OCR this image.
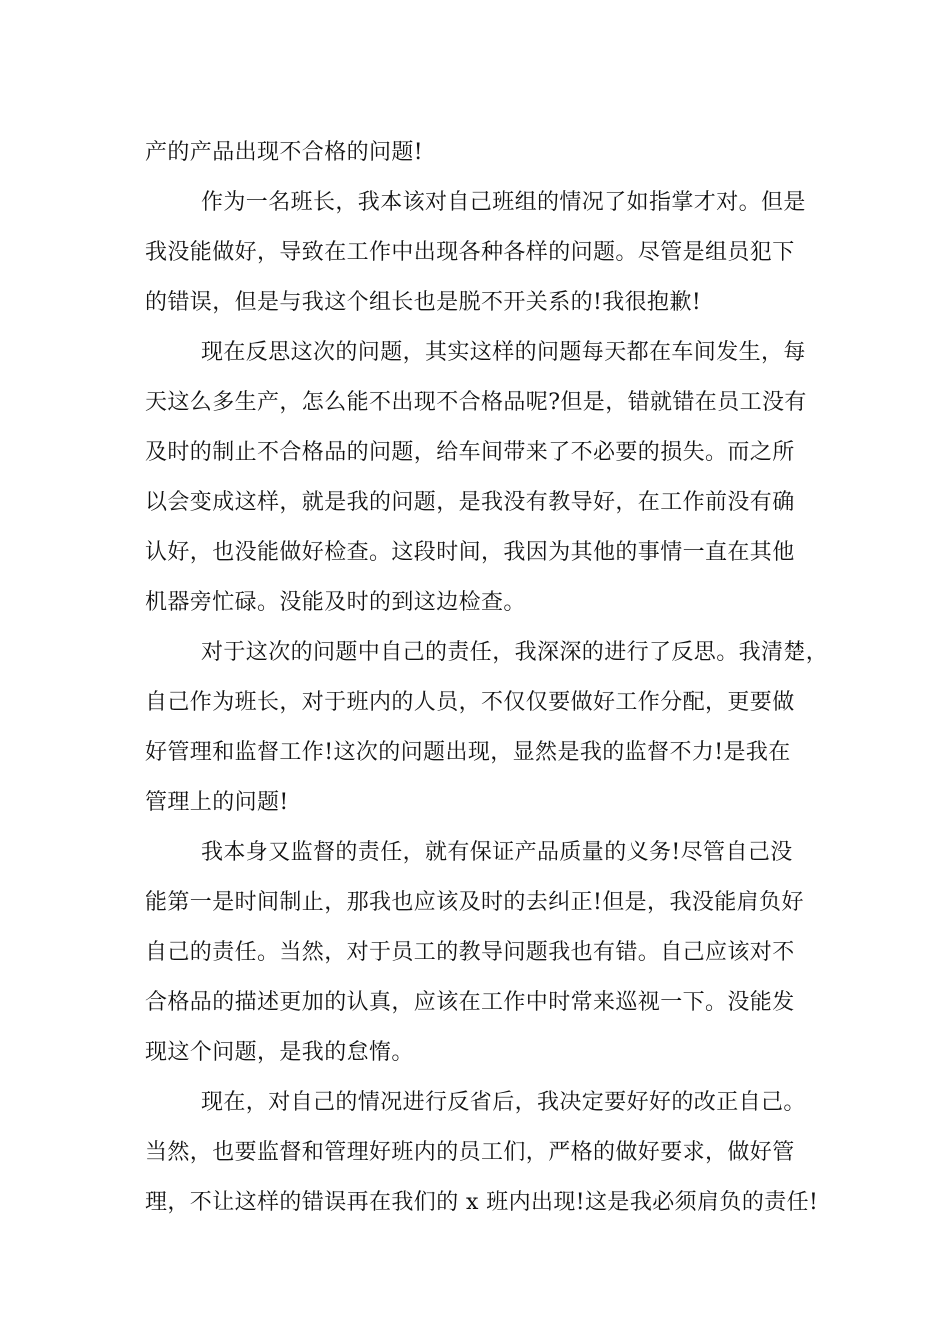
产的产品出现不合格的问题!
作为一名班长，我本该对自己班组的情况了如指掌才对。但是
我没能做好，导致在工作中出现各种各样的问题。尽管是组员犯下
的错误，但是与我这个组长也是脱不开关系的!我很抱歉!
现在反思这次的问题，其实这样的问题每天都在车间发生，每
天这么多生产，怎么能不出现不合格品呢?但是，错就错在员工没有
及时的制止不合格品的问题，给车间带来了不必要的损失。而之所
以会变成这样，就是我的问题，是我没有教导好，在工作前没有确
认好，也没能做好检查。这段时间，我因为其他的事情一直在其他
机器旁忙碌。没能及时的到这边检查。
对于这次的问题中自己的责任，我深深的进行了反思。我清楚，
自己作为班长，对于班内的人员，不仅仅要做好工作分配，更要做
好管理和监督工作!这次的问题出现，显然是我的监督不力!是我在
管理上的问题!
我本身又监督的责任，就有保证产品质量的义务!尽管自己没
能第一是时间制止，那我也应该及时的去纠正!但是，我没能肩负好
自己的责任。当然，对于员工的教导问题我也有错。自己应该对不
合格品的描述更加的认真，应该在工作中时常来巡视一下。没能发
现这个问题，是我的怠惰。
现在，对自己的情况进行反省后，我决定要好好的改正自己。
当然，也要监督和管理好班内的员工们，严格的做好要求，做好管
理，不让这样的错误再在我们的 x 班内出现!这是我必须肩负的责任!
